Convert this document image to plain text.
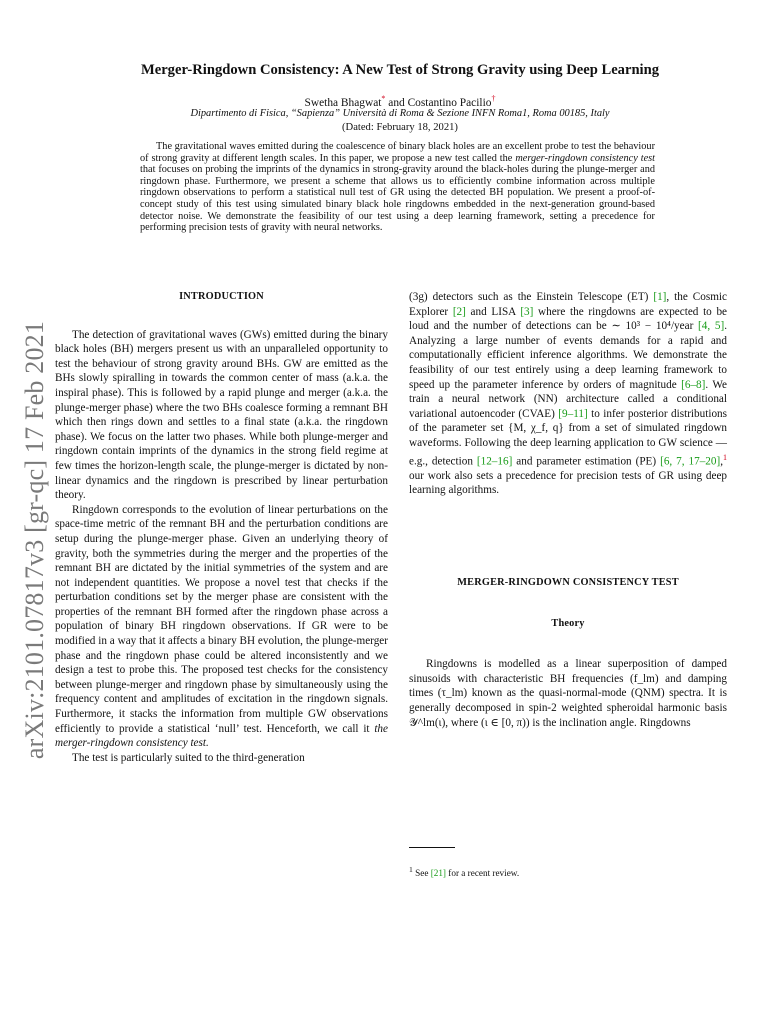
arXiv:2101.07817v3 [gr-qc] 17 Feb 2021
Merger-Ringdown Consistency: A New Test of Strong Gravity using Deep Learning
Swetha Bhagwat* and Costantino Pacilio†
Dipartimento di Fisica, “Sapienza” Università di Roma & Sezione INFN Roma1, Roma 00185, Italy
(Dated: February 18, 2021)
The gravitational waves emitted during the coalescence of binary black holes are an excellent probe to test the behaviour of strong gravity at different length scales. In this paper, we propose a new test called the merger-ringdown consistency test that focuses on probing the imprints of the dynamics in strong-gravity around the black-holes during the plunge-merger and ringdown phase. Furthermore, we present a scheme that allows us to efficiently combine information across multiple ringdown observations to perform a statistical null test of GR using the detected BH population. We present a proof-of-concept study of this test using simulated binary black hole ringdowns embedded in the next-generation ground-based detector noise. We demonstrate the feasibility of our test using a deep learning framework, setting a precedence for performing precision tests of gravity with neural networks.
INTRODUCTION

The detection of gravitational waves (GWs) emitted during the binary black holes (BH) mergers present us with an unparalleled opportunity to test the behaviour of strong gravity around BHs. GW are emitted as the BHs slowly spiralling in towards the common center of mass (a.k.a. the inspiral phase). This is followed by a rapid plunge and merger (a.k.a. the plunge-merger phase) where the two BHs coalesce forming a remnant BH which then rings down and settles to a final state (a.k.a. the ringdown phase). We focus on the latter two phases. While both plunge-merger and ringdown contain imprints of the dynamics in the strong field regime at few times the horizon-length scale, the plunge-merger is dictated by non-linear dynamics and the ringdown is prescribed by linear perturbation theory.

Ringdown corresponds to the evolution of linear perturbations on the space-time metric of the remnant BH and the perturbation conditions are setup during the plunge-merger phase. Given an underlying theory of gravity, both the symmetries during the merger and the properties of the remnant BH are dictated by the initial symmetries of the system and are not independent quantities. We propose a novel test that checks if the perturbation conditions set by the merger phase are consistent with the properties of the remnant BH formed after the ringdown phase across a population of binary BH ringdown observations. If GR were to be modified in a way that it affects a binary BH evolution, the plunge-merger phase and the ringdown phase could be altered inconsistently and we design a test to probe this. The proposed test checks for the consistency between plunge-merger and ringdown phase by simultaneously using the frequency content and amplitudes of excitation in the ringdown signals. Furthermore, it stacks the information from multiple GW observations efficiently to provide a statistical ‘null’ test. Henceforth, we call it the merger-ringdown consistency test.

The test is particularly suited to the third-generation

(3g) detectors such as the Einstein Telescope (ET) [1], the Cosmic Explorer [2] and LISA [3] where the ringdowns are expected to be loud and the number of detections can be ∼ 10³ − 10⁴/year [4, 5]. Analyzing a large number of events demands for a rapid and computationally efficient inference algorithms. We demonstrate the feasibility of our test entirely using a deep learning framework to speed up the parameter inference by orders of magnitude [6–8]. We train a neural network (NN) architecture called a conditional variational autoencoder (CVAE) [9–11] to infer posterior distributions of the parameter set {M, χ_f, q} from a set of simulated ringdown waveforms. Following the deep learning application to GW science — e.g., detection [12–16] and parameter estimation (PE) [6, 7, 17–20],$^1$ our work also sets a precedence for precision tests of GR using deep learning algorithms.
MERGER-RINGDOWN CONSISTENCY TEST
Theory

Ringdowns is modelled as a linear superposition of damped sinusoids with characteristic BH frequencies (f_lm) and damping times (τ_lm) known as the quasi-normal-mode (QNM) spectra. It is generally decomposed in spin-2 weighted spheroidal harmonic basis 𝒴^lm(ι), where (ι ∈ [0, π)) is the inclination angle. Ringdowns

$^1$ See [21] for a recent review.
